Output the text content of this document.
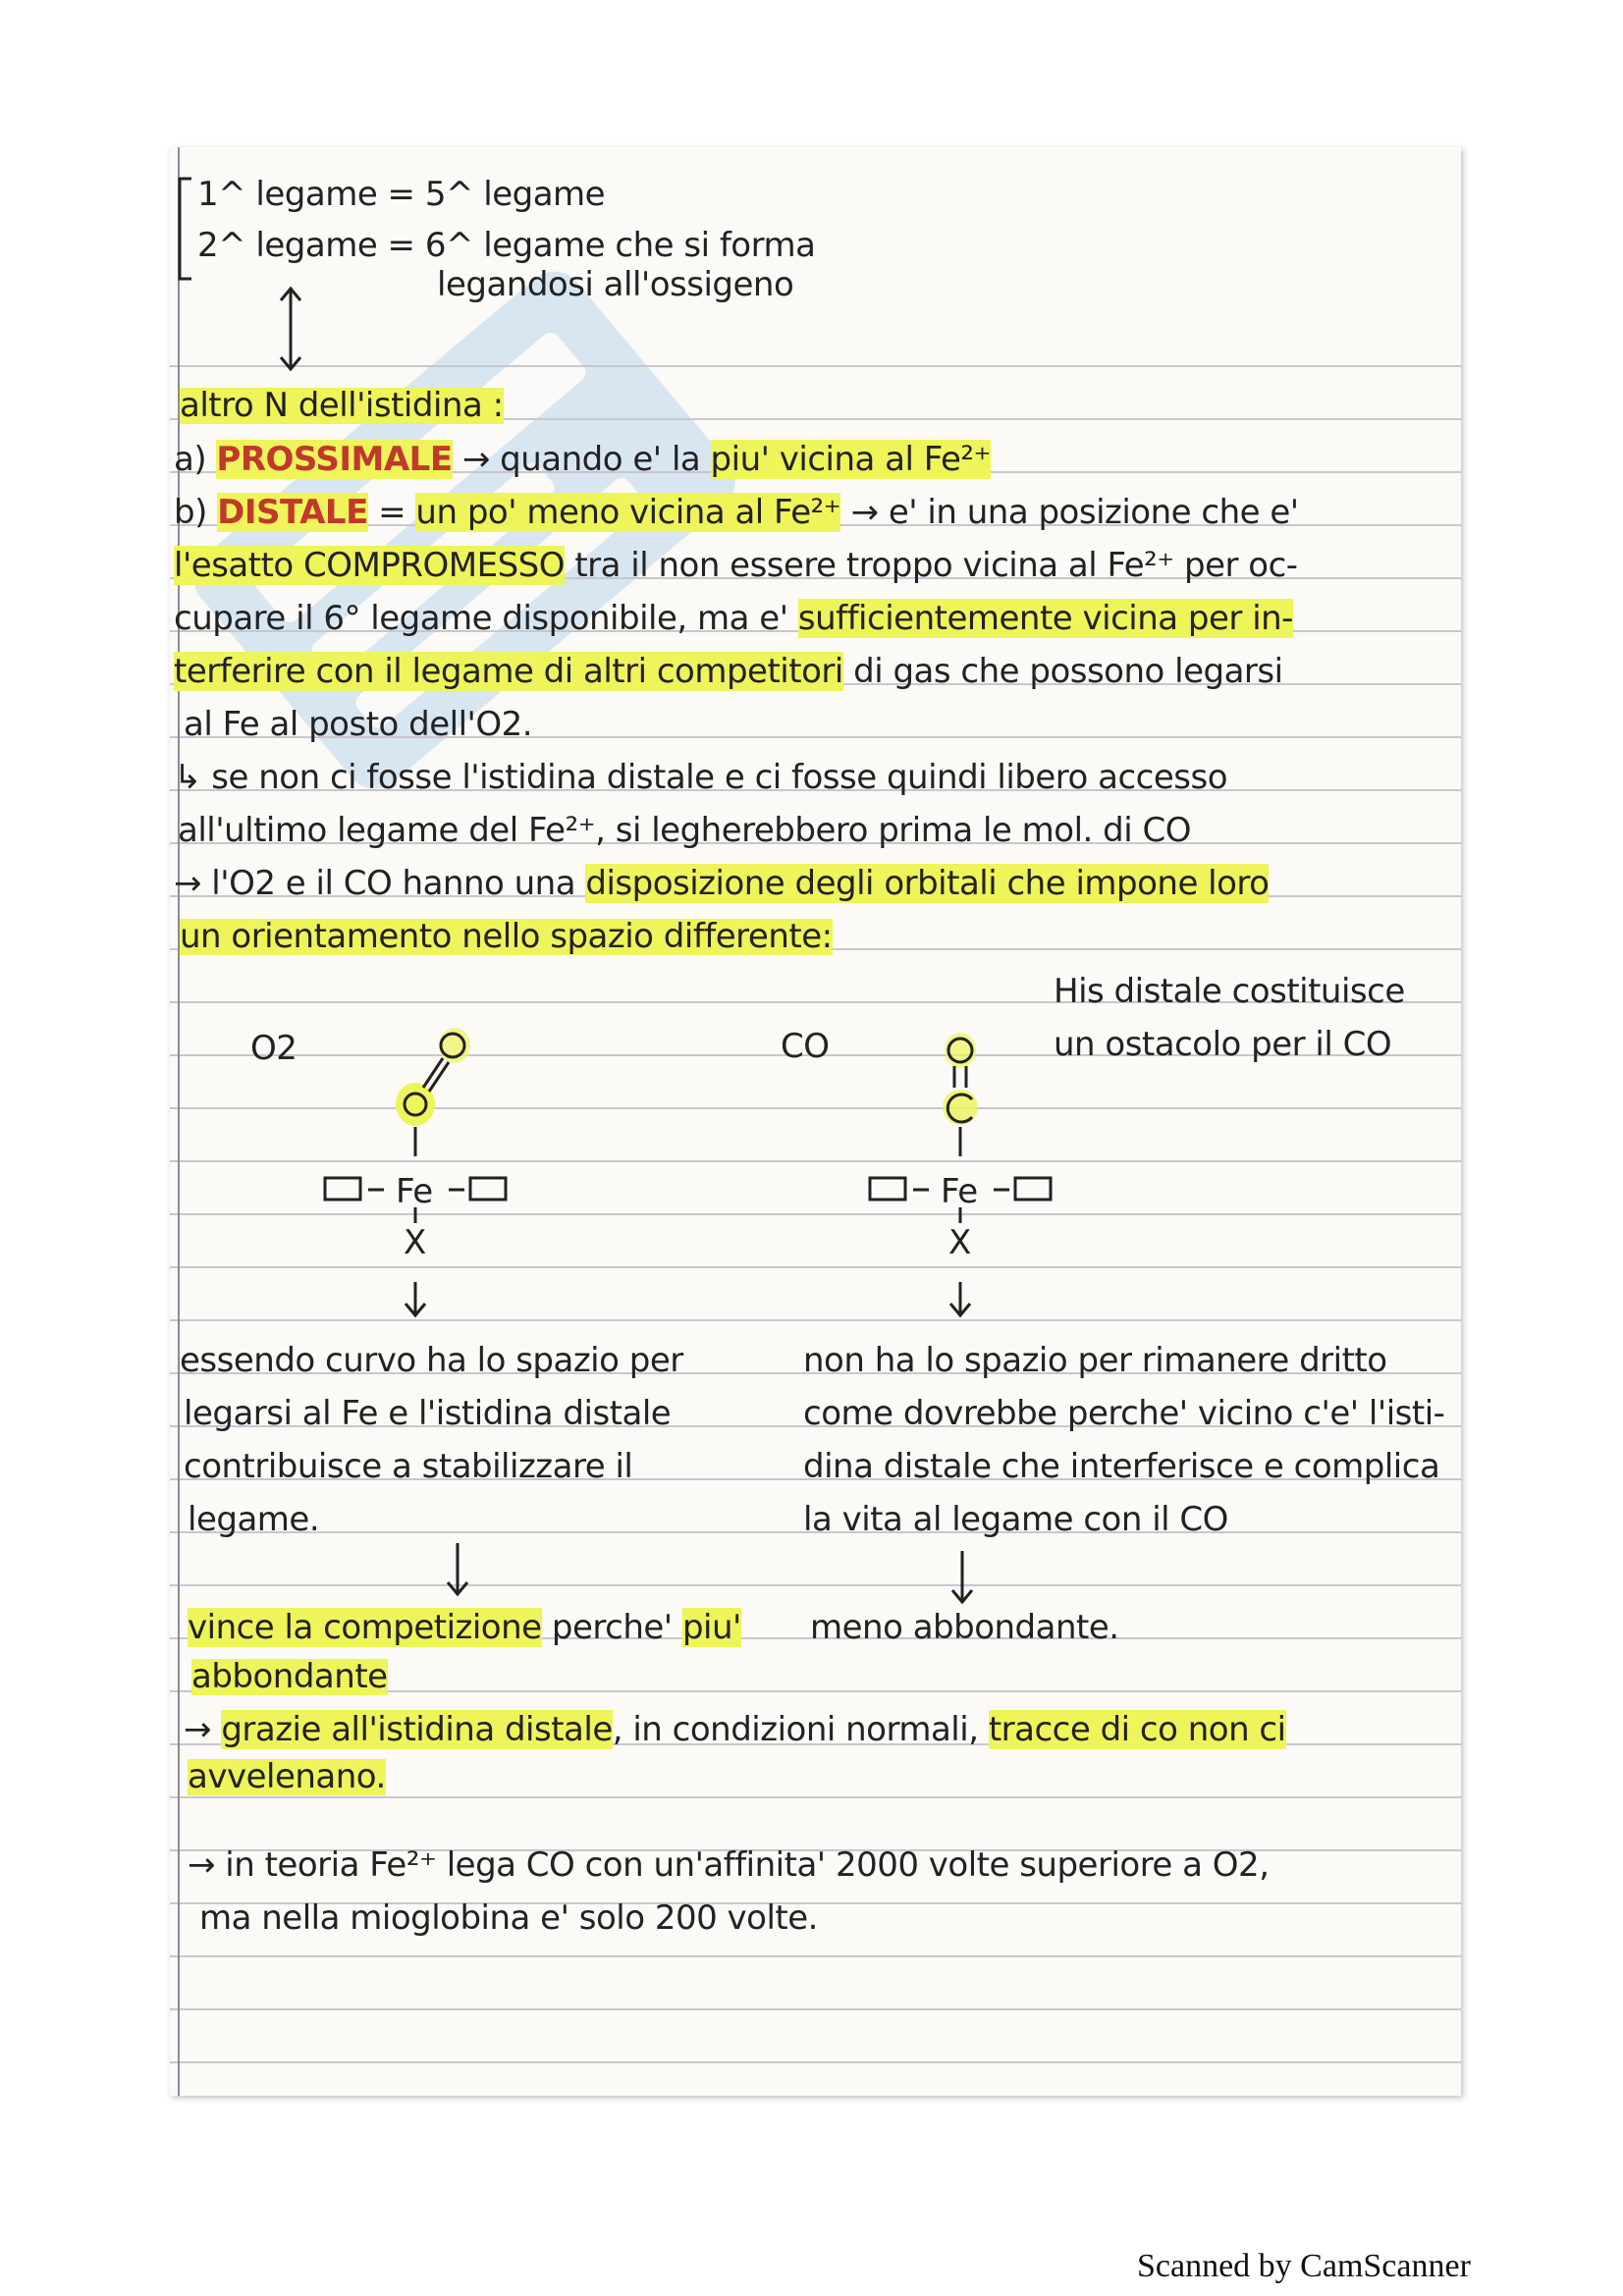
1^ legame = 5^ legame
2^ legame = 6^ legame che si forma
legandosi all'ossigeno
altro N dell'istidina :
a) PROSSIMALE → quando e' la piu' vicina al Fe²⁺
b) DISTALE = un po' meno vicina al Fe²⁺ → e' in una posizione che e'
l'esatto COMPROMESSO tra il non essere troppo vicina al Fe²⁺ per oc-
cupare il 6° legame disponibile, ma e' sufficientemente vicina per in-
terferire con il legame di altri competitori di gas che possono legarsi
al Fe al posto dell'O2.
↳ se non ci fosse l'istidina distale e ci fosse quindi libero accesso
all'ultimo legame del Fe²⁺, si legherebbero prima le mol. di CO
→ l'O2 e il CO hanno una disposizione degli orbitali che impone loro
un orientamento nello spazio differente:
His distale costituisce
un ostacolo per il CO
O2
Fe
X
CO
Fe
X
essendo curvo ha lo spazio per
legarsi al Fe e l'istidina distale
contribuisce a stabilizzare il
legame.
non ha lo spazio per rimanere dritto
come dovrebbe perche' vicino c'e' l'isti-
dina distale che interferisce e complica
la vita al legame con il CO
vince la competizione perche' piu' meno abbondante.
abbondante
→ grazie all'istidina distale, in condizioni normali, tracce di co non ci
avvelenano.
→ in teoria Fe²⁺ lega CO con un'affinita' 2000 volte superiore a O2,
ma nella mioglobina e' solo 200 volte.
Scanned by CamScanner
